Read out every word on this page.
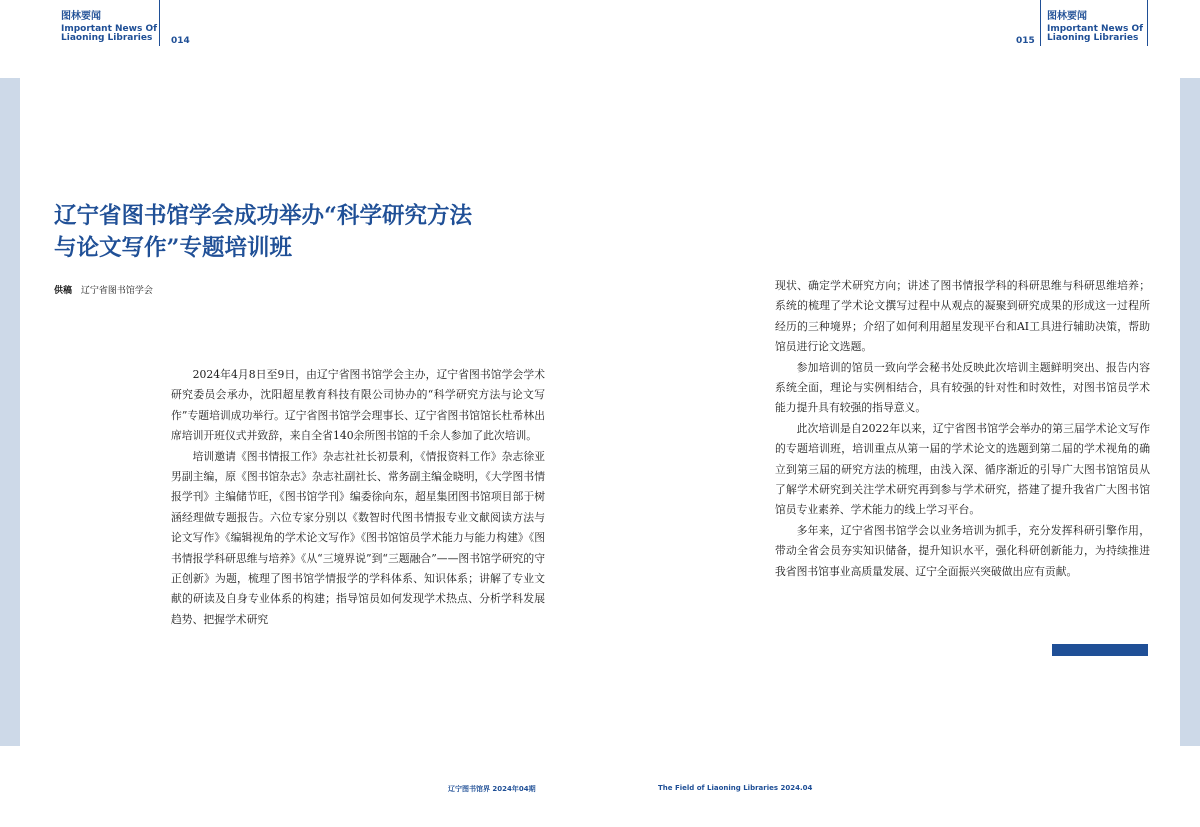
图林要闻
Important News Of
Liaoning Libraries	014	015
图林要闻
Important News Of
Liaoning Libraries
辽宁省图书馆学会成功举办“科学研究方法
与论文写作”专题培训班
供稿 辽宁省图书馆学会

2024年4月8日至9日，由辽宁省图书馆学会主办，辽宁省图书馆学会学术研究委员会承办，沈阳超星教育科技有限公司协办的“科学研究方法与论文写作”专题培训成功举行。辽宁省图书馆学会理事长、辽宁省图书馆馆长杜希林出席培训开班仪式并致辞，来自全省140余所图书馆的千余人参加了此次培训。

培训邀请《图书情报工作》杂志社社长初景利，《情报资料工作》杂志徐亚男副主编，原《图书馆杂志》杂志社副社长、常务副主编金晓明，《大学图书情报学刊》主编储节旺，《图书馆学刊》编委徐向东，超星集团图书馆项目部于树涵经理做专题报告。六位专家分别以《数智时代图书情报专业文献阅读方法与论文写作》《编辑视角的学术论文写作》《图书馆馆员学术能力与能力构建》《图书情报学科研思维与培养》《从“三境界说”到“三题融合”——图书馆学研究的守正创新》为题，梳理了图书馆学情报学的学科体系、知识体系；讲解了专业文献的研读及自身专业体系的构建；指导馆员如何发现学术热点、分析学科发展趋势、把握学术研究

现状、确定学术研究方向；讲述了图书情报学科的科研思维与科研思维培养；系统的梳理了学术论文撰写过程中从观点的凝聚到研究成果的形成这一过程所经历的三种境界；介绍了如何利用超星发现平台和AI工具进行辅助决策，帮助馆员进行论文选题。

参加培训的馆员一致向学会秘书处反映此次培训主题鲜明突出、报告内容系统全面，理论与实例相结合，具有较强的针对性和时效性，对图书馆员学术能力提升具有较强的指导意义。

此次培训是自2022年以来，辽宁省图书馆学会举办的第三届学术论文写作的专题培训班，培训重点从第一届的学术论文的选题到第二届的学术视角的确立到第三届的研究方法的梳理，由浅入深、循序渐近的引导广大图书馆馆员从了解学术研究到关注学术研究再到参与学术研究，搭建了提升我省广大图书馆馆员专业素养、学术能力的线上学习平台。

多年来，辽宁省图书馆学会以业务培训为抓手，充分发挥科研引擎作用，带动全省会员夯实知识储备，提升知识水平，强化科研创新能力，为持续推进我省图书馆事业高质量发展、辽宁全面振兴突破做出应有贡献。

辽宁图书馆界 2024年04期	The Field of Liaoning Libraries 2024.04
